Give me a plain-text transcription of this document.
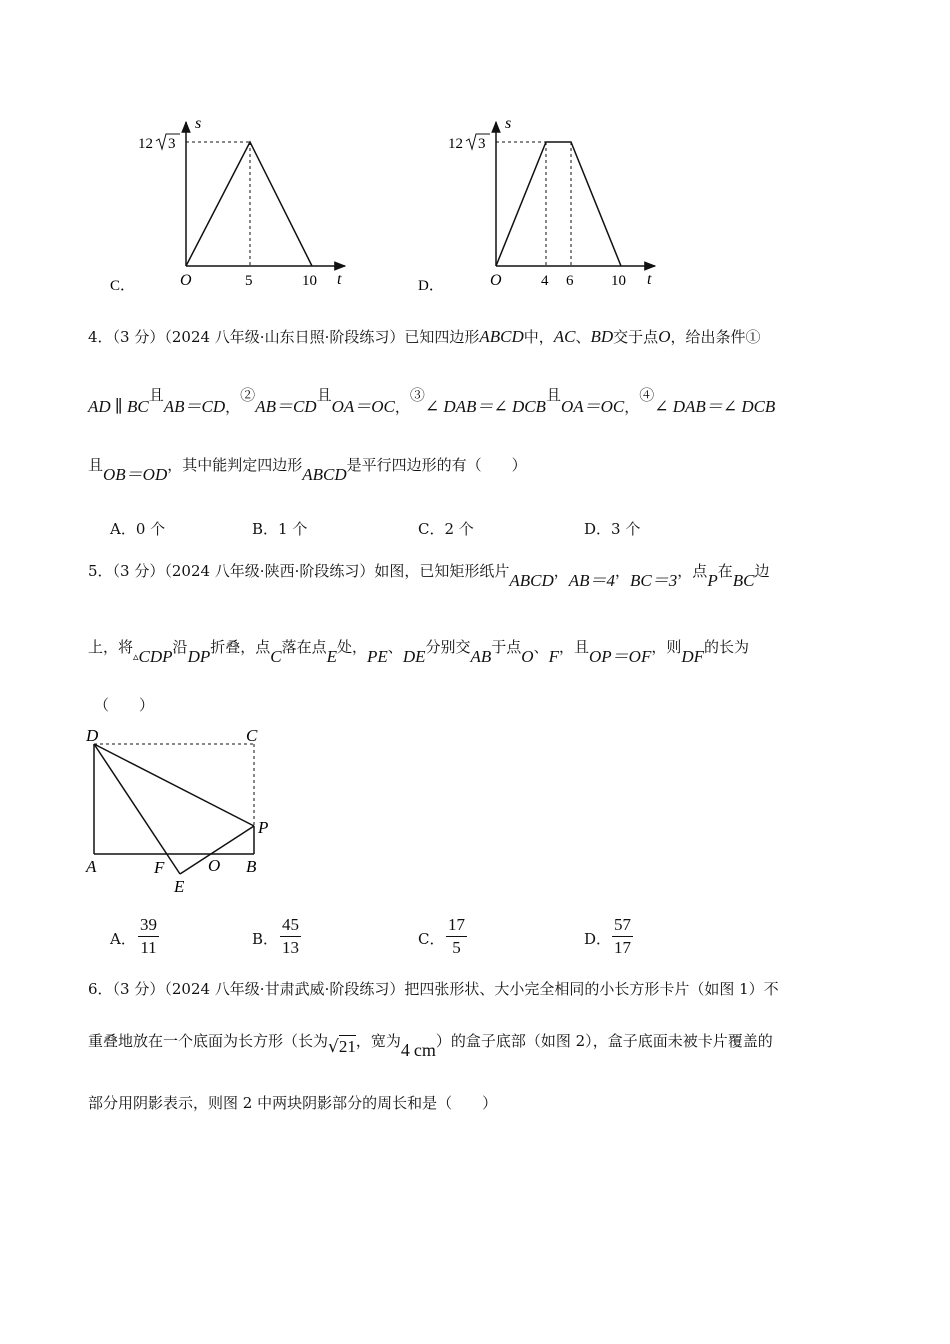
s
12 3
O	5	10 t
C．
s
12 3
O	4 6	10 t
D．
4．（3 分）（2024 八年级·山东日照·阶段练习）已知四边形ABCD中，AC、BD交于点O，给出条件①
AD ∥ BC且AB＝CD，②AB＝CD且OA＝OC，③∠ DAB＝∠ DCB且OA＝OC，④∠ DAB＝∠ DCB
且OB＝OD，其中能判定四边形ABCD是平行四边形的有（　　）
A．0 个	B．1 个	C．2 个	D．3 个
5．（3 分）（2024 八年级·陕西·阶段练习）如图，已知矩形纸片ABCD，AB＝4，BC＝3，点P在BC边
上，将$_▵$CDP沿DP折叠，点C落在点E处，PE、DE分别交AB于点O、F，且OP＝OF，则DF的长为
（　　）
D	C
P
A	F	O B
E
A．
39
11	B．
45
13	C．
17
5	D．
57
17
6．（3 分）（2024 八年级·甘肃武威·阶段练习）把四张形状、大小完全相同的小长方形卡片（如图 1）不
重叠地放在一个底面为长方形（长为√21，宽为4 cm）的盒子底部（如图 2），盒子底面未被卡片覆盖的
部分用阴影表示，则图 2 中两块阴影部分的周长和是（　　）
